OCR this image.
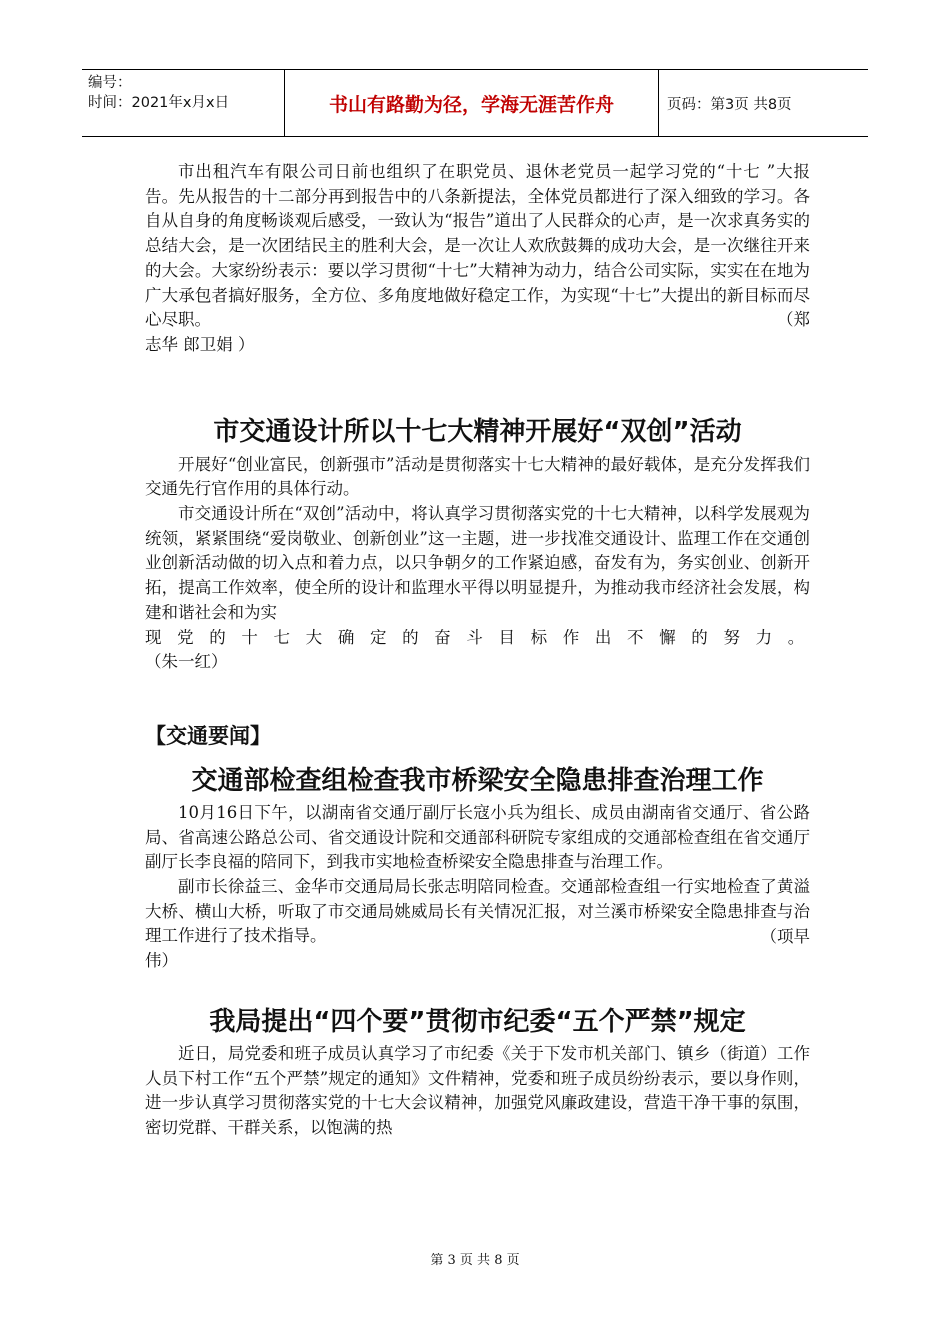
编号：
时间：2021年x月x日	书山有路勤为径，学海无涯苦作舟	页码：第3页 共8页

市出租汽车有限公司日前也组织了在职党员、退休老党员一起学习党的“十七 ”大报告。先从报告的十二部分再到报告中的八条新提法，全体党员都进行了深入细致的学习。各自从自身的角度畅谈观后感受，一致认为“报告”道出了人民群众的心声，是一次求真务实的总结大会，是一次团结民主的胜利大会，是一次让人欢欣鼓舞的成功大会，是一次继往开来的大会。大家纷纷表示：要以学习贯彻“十七”大精神为动力，结合公司实际，实实在在地为广大承包者搞好服务，全方位、多角度地做好稳定工作，为实现“十七”大提出的新目标而尽心尽职。	（郑

志华 郎卫娟 ）

市交通设计所以十七大精神开展好“双创”活动

开展好“创业富民，创新强市”活动是贯彻落实十七大精神的最好载体，是充分发挥我们交通先行官作用的具体行动。

市交通设计所在“双创”活动中，将认真学习贯彻落实党的十七大精神，以科学发展观为统领，紧紧围绕“爱岗敬业、创新创业”这一主题，进一步找准交通设计、监理工作在交通创业创新活动做的切入点和着力点，以只争朝夕的工作紧迫感，奋发有为，务实创业、创新开拓，提高工作效率，使全所的设计和监理水平得以明显提升，为推动我市经济社会发展，构建和谐社会和为实

现党的十七大确定的奋斗目标作出不懈的努力。

（朱一红）

【交通要闻】
交通部检查组检查我市桥梁安全隐患排查治理工作

10月16日下午，以湖南省交通厅副厅长寇小兵为组长、成员由湖南省交通厅、省公路局、省高速公路总公司、省交通设计院和交通部科研院专家组成的交通部检查组在省交通厅副厅长李良福的陪同下，到我市实地检查桥梁安全隐患排查与治理工作。

副市长徐益三、金华市交通局局长张志明陪同检查。交通部检查组一行实地检查了黄溢大桥、横山大桥，听取了市交通局姚威局长有关情况汇报，对兰溪市桥梁安全隐患排查与治理工作进行了技术指导。	（项早

伟）

我局提出“四个要”贯彻市纪委“五个严禁”规定

近日，局党委和班子成员认真学习了市纪委《关于下发市机关部门、镇乡（街道）工作人员下村工作“五个严禁”规定的通知》文件精神，党委和班子成员纷纷表示，要以身作则，进一步认真学习贯彻落实党的十七大会议精神，加强党风廉政建设，营造干净干事的氛围，密切党群、干群关系，以饱满的热

第 3 页 共 8 页
